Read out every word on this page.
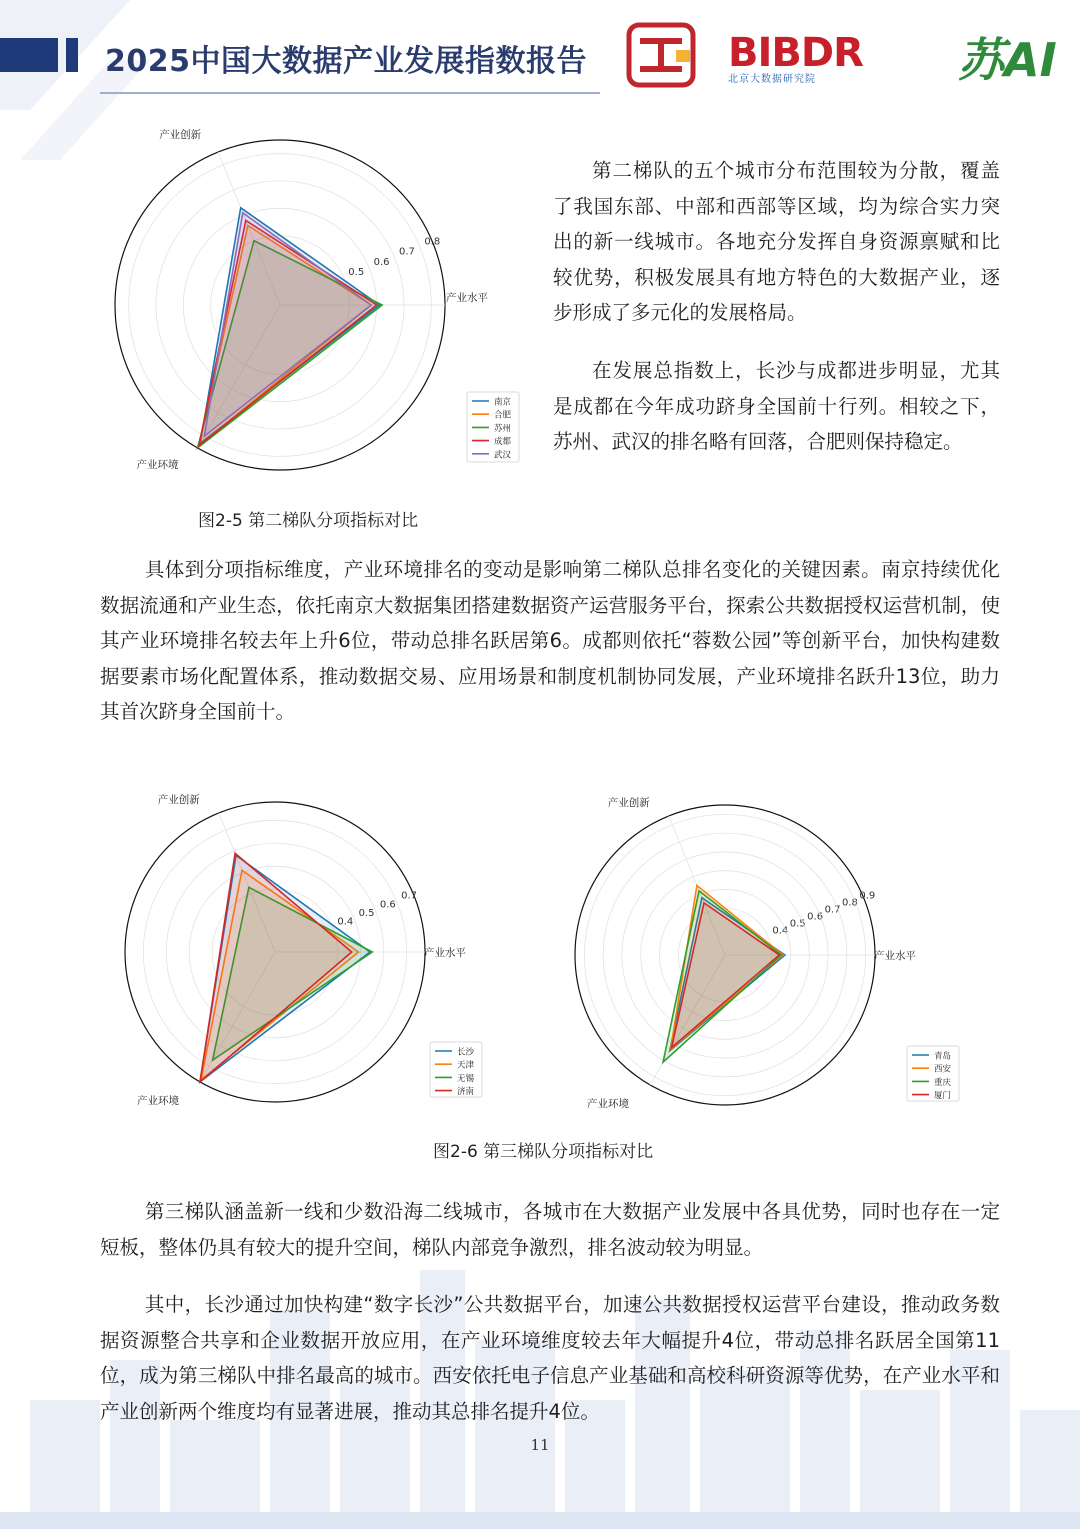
2025中国大数据产业发展指数报告	BIBDR
北京大数据研究院	苏AI
0.5
0.6
0.7
0.8
产业水平
产业创新
产业环境
南京
合肥
苏州
成都
武汉
第二梯队的五个城市分布范围较为分散，覆盖了我国东部、中部和西部等区域，均为综合实力突出的新一线城市。各地充分发挥自身资源禀赋和比较优势，积极发展具有地方特色的大数据产业，逐步形成了多元化的发展格局。
在发展总指数上，长沙与成都进步明显，尤其是成都在今年成功跻身全国前十行列。相较之下，苏州、武汉的排名略有回落，合肥则保持稳定。
图2-5 第二梯队分项指标对比
具体到分项指标维度，产业环境排名的变动是影响第二梯队总排名变化的关键因素。南京持续优化数据流通和产业生态，依托南京大数据集团搭建数据资产运营服务平台，探索公共数据授权运营机制，使其产业环境排名较去年上升6位，带动总排名跃居第6。成都则依托“蓉数公园”等创新平台，加快构建数据要素市场化配置体系，推动数据交易、应用场景和制度机制协同发展，产业环境排名跃升13位，助力其首次跻身全国前十。
0.4
0.5
0.6
0.7
产业水平
产业创新
产业环境
长沙
天津
无锡
济南
0.4
0.5
0.6
0.7
0.8
0.9
产业水平
产业创新
产业环境
青岛
西安
重庆
厦门
图2-6 第三梯队分项指标对比
第三梯队涵盖新一线和少数沿海二线城市，各城市在大数据产业发展中各具优势，同时也存在一定短板，整体仍具有较大的提升空间，梯队内部竞争激烈，排名波动较为明显。
其中，长沙通过加快构建“数字长沙”公共数据平台，加速公共数据授权运营平台建设，推动政务数据资源整合共享和企业数据开放应用，在产业环境维度较去年大幅提升4位，带动总排名跃居全国第11位，成为第三梯队中排名最高的城市。西安依托电子信息产业基础和高校科研资源等优势，在产业水平和产业创新两个维度均有显著进展，推动其总排名提升4位。
11
